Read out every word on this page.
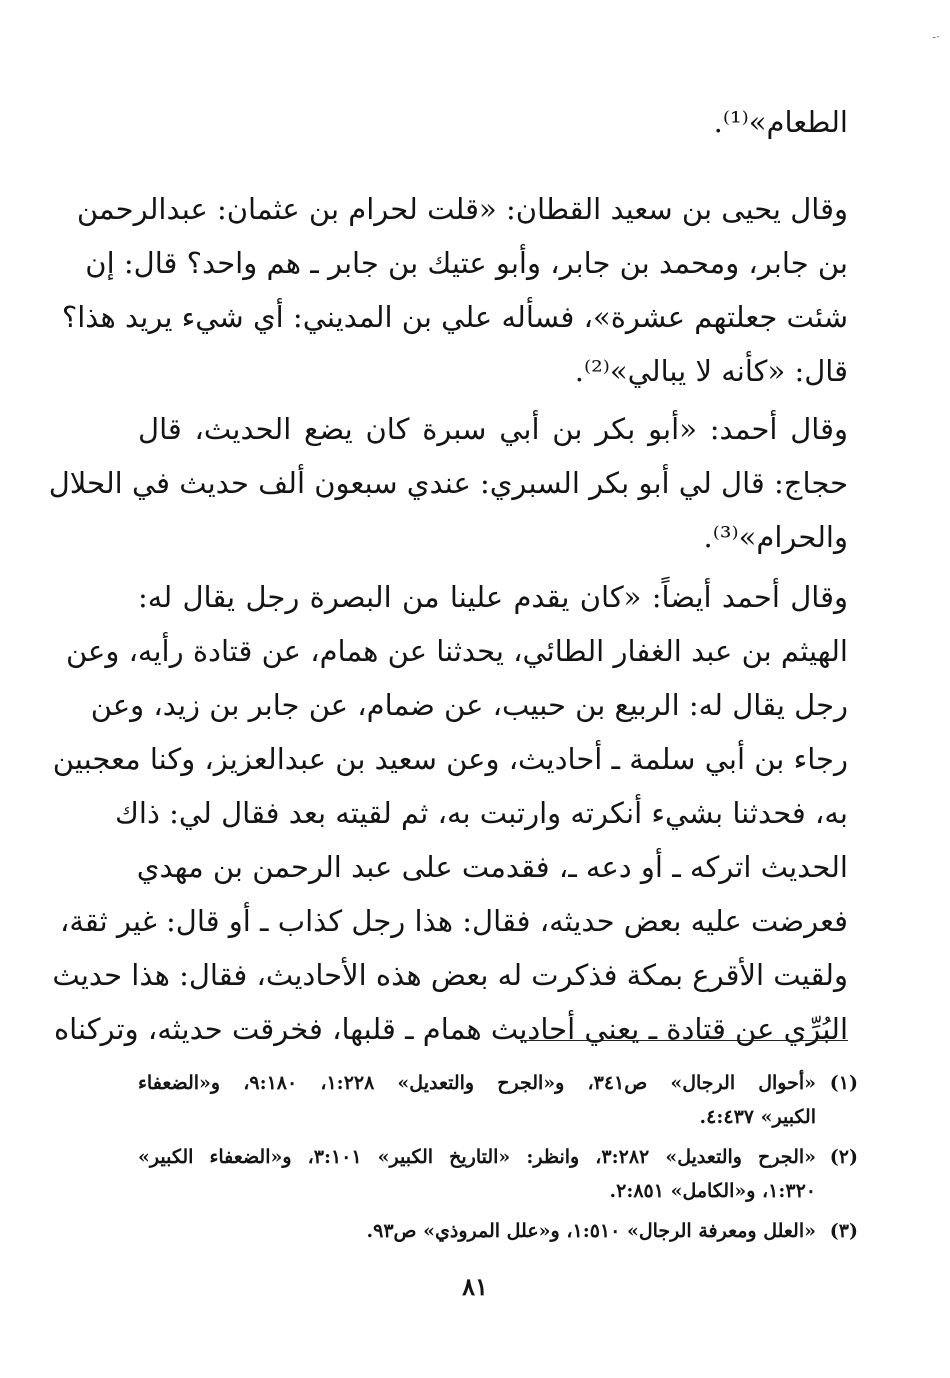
-·
الطعام»⁽¹⁾.
وقال يحيى بن سعيد القطان: «قلت لحرام بن عثمان: عبدالرحمن
بن جابر، ومحمد بن جابر، وأبو عتيك بن جابر ـ هم واحد؟ قال: إن
شئت جعلتهم عشرة»، فسأله علي بن المديني: أي شيء يريد هذا؟
قال: «كأنه لا يبالي»⁽²⁾.
وقال أحمد: «أبو بكر بن أبي سبرة كان يضع الحديث، قال
حجاج: قال لي أبو بكر السبري: عندي سبعون ألف حديث في الحلال
والحرام»⁽³⁾.
وقال أحمد أيضاً: «كان يقدم علينا من البصرة رجل يقال له:
الهيثم بن عبد الغفار الطائي، يحدثنا عن همام، عن قتادة رأيه، وعن
رجل يقال له: الربيع بن حبيب، عن ضمام، عن جابر بن زيد، وعن
رجاء بن أبي سلمة ـ أحاديث، وعن سعيد بن عبدالعزيز، وكنا معجبين
به، فحدثنا بشيء أنكرته وارتبت به، ثم لقيته بعد فقال لي: ذاك
الحديث اتركه ـ أو دعه ـ، فقدمت على عبد الرحمن بن مهدي
فعرضت عليه بعض حديثه، فقال: هذا رجل كذاب ـ أو قال: غير ثقة،
ولقيت الأقرع بمكة فذكرت له بعض هذه الأحاديث، فقال: هذا حديث
البُرِّي عن قتادة ـ يعني أحاديث همام ـ قلبها، فخرقت حديثه، وتركناه
(١)
«أحوال الرجال» ص٣٤١، و«الجرح والتعديل» ١:٢٢٨، ٩:١٨٠، و«الضعفاء
الكبير» ٤:٤٣٧.
(٢)
«الجرح والتعديل» ٣:٢٨٢، وانظر: «التاريخ الكبير» ٣:١٠١، و«الضعفاء الكبير»
١:٣٢٠، و«الكامل» ٢:٨٥١.
(٣)
«العلل ومعرفة الرجال» ١:٥١٠، و«علل المروذي» ص٩٣.
٨١
